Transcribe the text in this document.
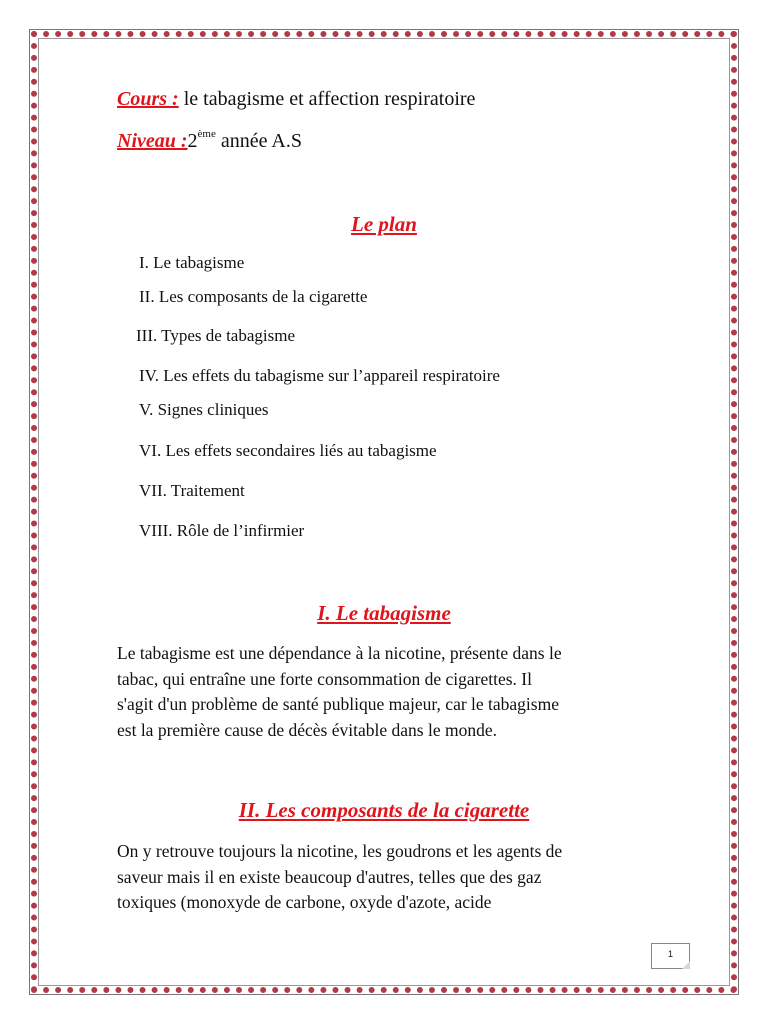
Cours : le tabagisme et affection respiratoire

Niveau :2ème année A.S

Le plan

I. Le tabagisme

II. Les composants de la cigarette

III. Types de tabagisme

IV. Les effets du tabagisme sur l’appareil respiratoire

V. Signes cliniques

VI. Les effets secondaires liés au tabagisme

VII. Traitement

VIII. Rôle de l’infirmier

I. Le tabagisme

Le tabagisme est une dépendance à la nicotine, présente dans le
tabac, qui entraîne une forte consommation de cigarettes. Il
s'agit d'un problème de santé publique majeur, car le tabagisme
est la première cause de décès évitable dans le monde.

II. Les composants de la cigarette

On y retrouve toujours la nicotine, les goudrons et les agents de
saveur mais il en existe beaucoup d'autres, telles que des gaz
toxiques (monoxyde de carbone, oxyde d'azote, acide
1
